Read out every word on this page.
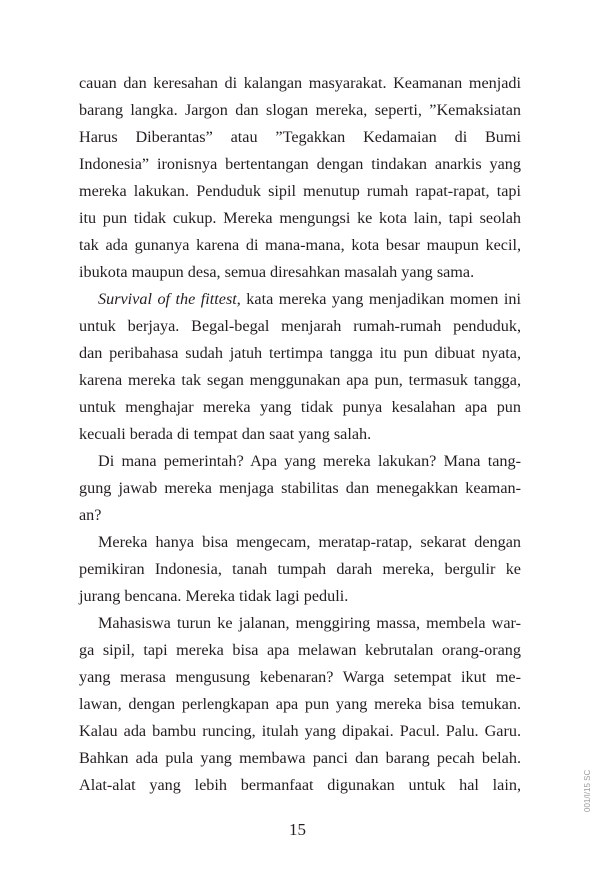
cauan dan keresahan di kalangan masyarakat. Keamanan menjadi
barang langka. Jargon dan slogan mereka, seperti, ”Kemaksiatan
Harus Diberantas” atau ”Tegakkan Kedamaian di Bumi
Indonesia” ironisnya bertentangan dengan tindakan anarkis yang
mereka lakukan. Penduduk sipil menutup rumah rapat-rapat, tapi
itu pun tidak cukup. Mereka mengungsi ke kota lain, tapi seolah
tak ada gunanya karena di mana-mana, kota besar maupun kecil,
ibukota maupun desa, semua diresahkan masalah yang sama.
Survival of the fittest, kata mereka yang menjadikan momen ini
untuk berjaya. Begal-begal menjarah rumah-rumah penduduk,
dan peribahasa sudah jatuh tertimpa tangga itu pun dibuat nyata,
karena mereka tak segan menggunakan apa pun, termasuk tangga,
untuk menghajar mereka yang tidak punya kesalahan apa pun
kecuali berada di tempat dan saat yang salah.
Di mana pemerintah? Apa yang mereka lakukan? Mana tang-
gung jawab mereka menjaga stabilitas dan menegakkan keaman-
an?
Mereka hanya bisa mengecam, meratap-ratap, sekarat dengan
pemikiran Indonesia, tanah tumpah darah mereka, bergulir ke
jurang bencana. Mereka tidak lagi peduli.
Mahasiswa turun ke jalanan, menggiring massa, membela war-
ga sipil, tapi mereka bisa apa melawan kebrutalan orang-orang
yang merasa mengusung kebenaran? Warga setempat ikut me-
lawan, dengan perlengkapan apa pun yang mereka bisa temukan.
Kalau ada bambu runcing, itulah yang dipakai. Pacul. Palu. Garu.
Bahkan ada pula yang membawa panci dan barang pecah belah.
Alat-alat yang lebih bermanfaat digunakan untuk hal lain,
15
001/I/15 SC
